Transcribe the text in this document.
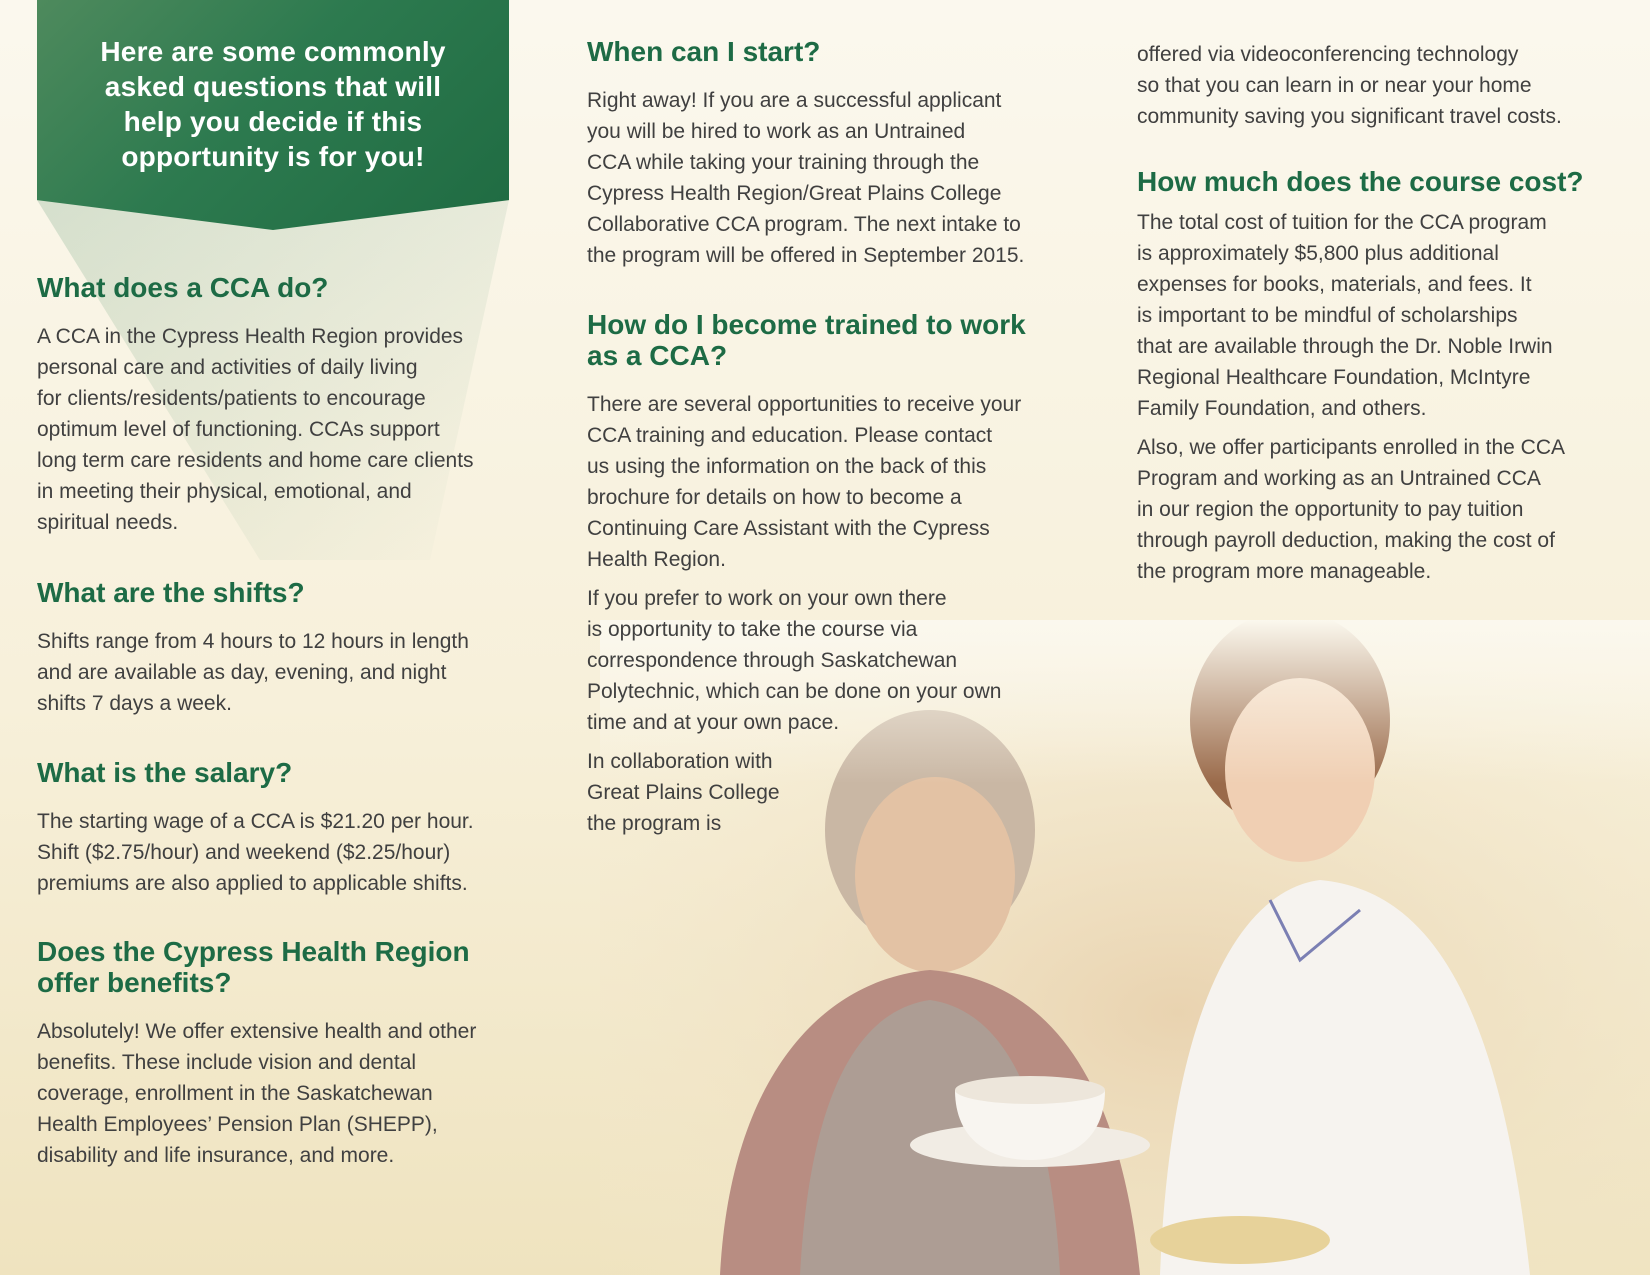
Here are some commonly
asked questions that will
help you decide if this
opportunity is for you!
What does a CCA do?

A CCA in the Cypress Health Region provides
personal care and activities of daily living
for clients/residents/patients to encourage
optimum level of functioning. CCAs support
long term care residents and home care clients
in meeting their physical, emotional, and
spiritual needs.

What are the shifts?

Shifts range from 4 hours to 12 hours in length
and are available as day, evening, and night
shifts 7 days a week.

What is the salary?

The starting wage of a CCA is $21.20 per hour.
Shift ($2.75/hour) and weekend ($2.25/hour)
premiums are also applied to applicable shifts.

Does the Cypress Health Region
offer benefits?

Absolutely! We offer extensive health and other
benefits. These include vision and dental
coverage, enrollment in the Saskatchewan
Health Employees’ Pension Plan (SHEPP),
disability and life insurance, and more.

When can I start?

Right away! If you are a successful applicant
you will be hired to work as an Untrained
CCA while taking your training through the
Cypress Health Region/Great Plains College
Collaborative CCA program. The next intake to
the program will be offered in September 2015.

How do I become trained to work
as a CCA?

There are several opportunities to receive your
CCA training and education. Please contact
us using the information on the back of this
brochure for details on how to become a
Continuing Care Assistant with the Cypress
Health Region.

If you prefer to work on your own there
is opportunity to take the course via
correspondence through Saskatchewan
Polytechnic, which can be done on your own
time and at your own pace.

In collaboration with
Great Plains College
the program is

offered via videoconferencing technology
so that you can learn in or near your home
community saving you significant travel costs.

How much does the course cost?

The total cost of tuition for the CCA program
is approximately $5,800 plus additional
expenses for books, materials, and fees. It
is important to be mindful of scholarships
that are available through the Dr. Noble Irwin
Regional Healthcare Foundation, McIntyre
Family Foundation, and others.

Also, we offer participants enrolled in the CCA
Program and working as an Untrained CCA
in our region the opportunity to pay tuition
through payroll deduction, making the cost of
the program more manageable.
